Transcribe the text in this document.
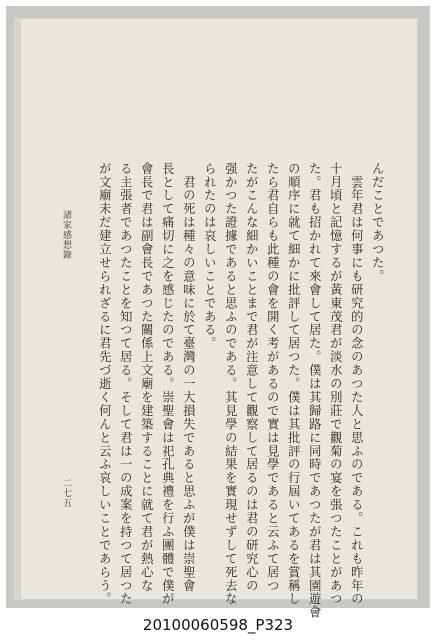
んだことであつた。
　雲年君は何事にも研究的の念のあつた人と思ふのである。これも昨年の
十月頃と記憶するが黃東茂君が淡水の別莊で觀菊の宴を張つたことがあつ
た。君も招かれて來會して居た。僕は其歸路に同時であつたが君は其園遊會
の順序に就て細かに批評して居つた。僕は其批評の行屆いてあるを賞稱し
たら君自らも此種の會を開く考があるので實は見學であると云ふて居つ
たがこんな細かいことまで君が注意して觀察して居るのは君の研究心の
强かつた證據であると思ふのである。其見學の結果を實現せずして死去な
られたのは哀しいことである。
　君の死は種々の意味に於て臺灣の一大損失であると思ふが僕は崇聖會
長として痛切に之を感じたのである。崇聖會は祀孔典禮を行ふ團體で僕が
會長で君は副會長であつた關係上文廟を建築することに就て君が熱心な
る主張者であつたことを知つて居る。そして君は一の成案を持つて居つた
が文廟未だ建立せられざるに君先づ逝く何んと云ふ哀しいことであらう。
諸家感想錄
二七五
20100060598_P323
